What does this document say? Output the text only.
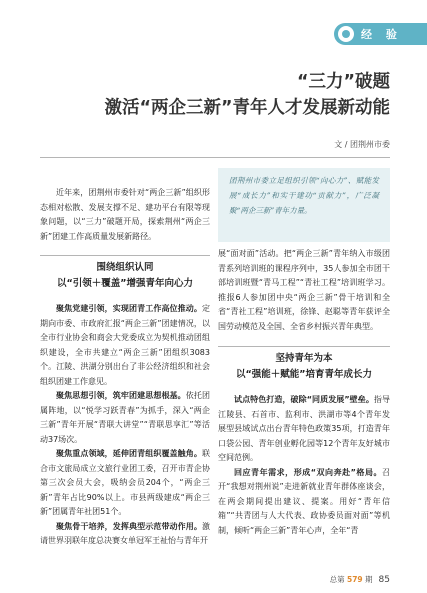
经 验
“三力”破题
激活“两企三新”青年人才发展新动能
文 / 团荆州市委

近年来，团荆州市委针对“两企三新”组织形态相对松散、发展支撑不足、建功平台有限等现象问题，以“三力”破题开局，探索荆州“两企三新”团建工作高质量发展新路径。

围绕组织认同
以“引领＋覆盖”增强青年向心力

聚焦党建引领，实现团青工作高位推动。定期向市委、市政府汇报“两企三新”团建情况，以全市行业协会和商会大党委成立为契机推动团组织建设，全市共建立“两企三新”团组织3083个。江陵、洪湖分别出台了非公经济组织和社会组织团建工作意见。

聚焦思想引领，筑牢团建思想根基。依托团属阵地，以“悦学习跃青春”为抓手，深入“两企三新”青年开展“青联大讲堂”“青联思享汇”等活动37场次。

聚焦重点领域，延伸团青组织覆盖触角。联合市文旅局成立文旅行业团工委，召开市青企协第三次会员大会，吸纳会员204个，“两企三新”青年占比90%以上。市县两级建成“两企三新”团属青年社团51个。

聚焦骨干培养，发挥典型示范带动作用。激请世界羽联年度总决赛女单冠军王祉怡与青年开

团荆州市委立足组织引领“向心力”、赋能发展“成长力”和实干建功“贡献力”，广泛凝聚“两企三新”青年力量。

展“面对面”活动。把“两企三新”青年纳入市级团青系列培训班的课程序列中，35人参加全市团干部培训班暨“青马工程”“青社工程”培训班学习。推报6人参加团中央“两企三新”骨干培训和全省“青社工程”培训班，徐锋、赵聪等青年获评全国劳动模范及全国、全省乡村振兴青年典型。

坚持青年为本
以“强能＋赋能”培育青年成长力

试点特色打造，破除“同质发展”壁垒。指导江陵县、石首市、监利市、洪湖市等4个青年发展型县域试点出台青年特色政策35项，打造青年口袋公园、青年创业孵化园等12个青年友好城市空间范例。

回应青年需求，形成“双向奔赴”格局。召开“我想对荆州说”走进新就业青年群体座谈会，在两会期间提出建议、提案。用好“青年信箱”“共青团与人大代表、政协委员面对面”等机制，倾听“两企三新”青年心声，全年“青

总第 579 期 85
